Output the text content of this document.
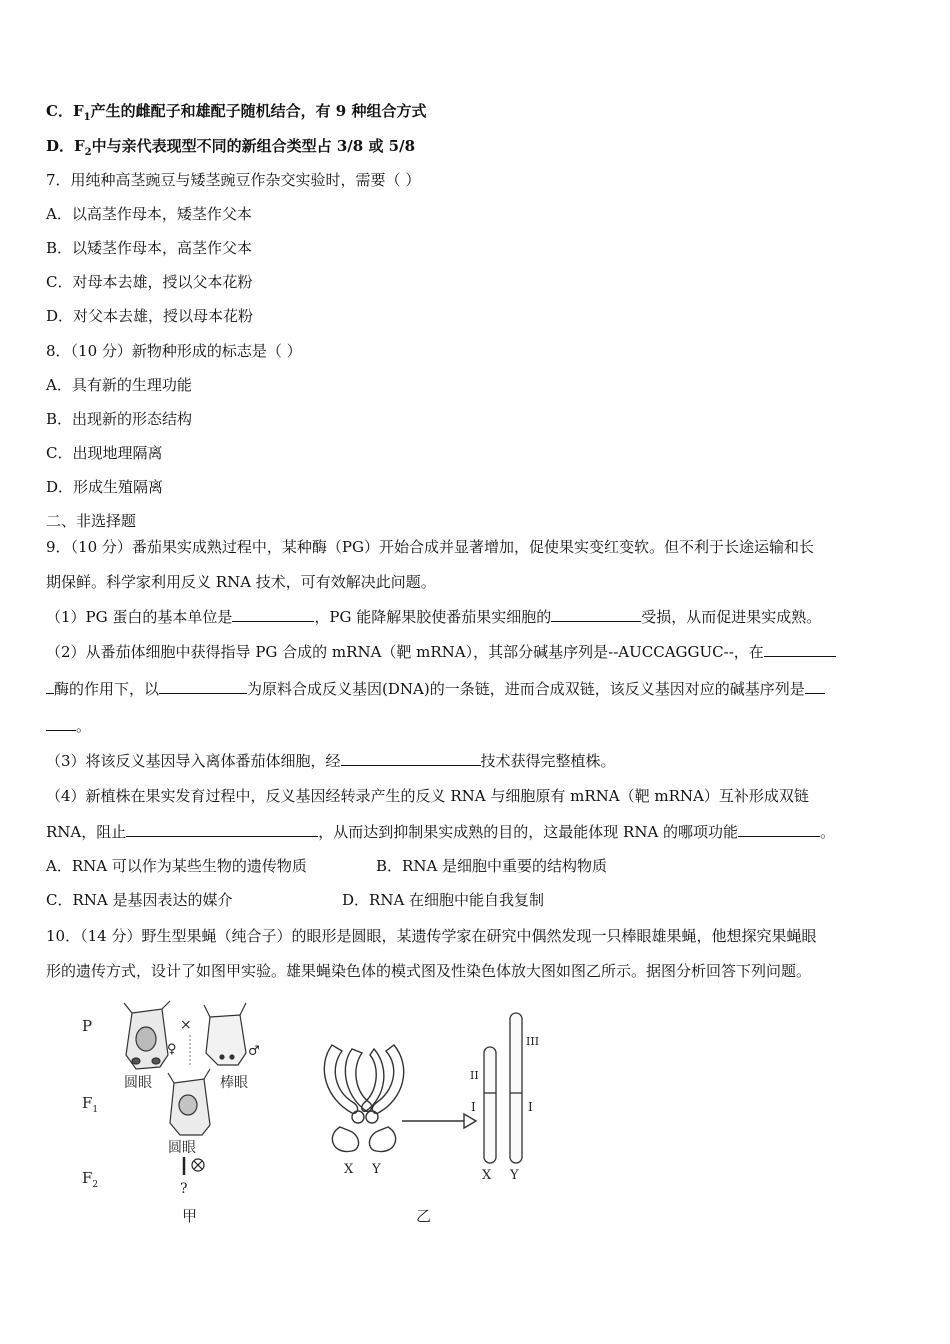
C．$F_1$产生的雌配子和雄配子随机结合，有 9 种组合方式
D．$F_2$中与亲代表现型不同的新组合类型占 3/8 或 5/8
7．用纯种高茎豌豆与矮茎豌豆作杂交实验时，需要（ ）
A．以高茎作母本，矮茎作父本
B．以矮茎作母本，高茎作父本
C．对母本去雄，授以父本花粉
D．对父本去雄，授以母本花粉
8．（10 分）新物种形成的标志是（ ）
A．具有新的生理功能
B．出现新的形态结构
C．出现地理隔离
D．形成生殖隔离
二、非选择题
9．（10 分）番茄果实成熟过程中，某种酶（PG）开始合成并显著增加，促使果实变红变软。但不利于长途运输和长
期保鲜。科学家利用反义 RNA 技术，可有效解决此问题。
（1）PG 蛋白的基本单位是	，PG 能降解果胶使番茄果实细胞的	受损，从而促进果实成熟。
（2）从番茄体细胞中获得指导 PG 合成的 mRNA（靶 mRNA），其部分碱基序列是--AUCCAGGUC--，在
酶的作用下，以	为原料合成反义基因(DNA)的一条链，进而合成双链，该反义基因对应的碱基序列是
。
（3）将该反义基因导入离体番茄体细胞，经	技术获得完整植株。
（4）新植株在果实发育过程中，反义基因经转录产生的反义 RNA 与细胞原有 mRNA（靶 mRNA）互补形成双链
RNA，阻止	，从而达到抑制果实成熟的目的，这最能体现 RNA 的哪项功能	。
A．RNA 可以作为某些生物的遗传物质	B．RNA 是细胞中重要的结构物质
C．RNA 是基因表达的媒介	D．RNA 在细胞中能自我复制
10．（14 分）野生型果蝇（纯合子）的眼形是圆眼，某遗传学家在研究中偶然发现一只棒眼雄果蝇，他想探究果蝇眼
形的遗传方式，设计了如图甲实验。雄果蝇染色体的模式图及性染色体放大图如图乙所示。据图分析回答下列问题。
P
$F_1$
$F_2$
×
♀	♂
圆眼	棒眼
圆眼
?
甲
X Y
II
I
III
I
X Y
乙
